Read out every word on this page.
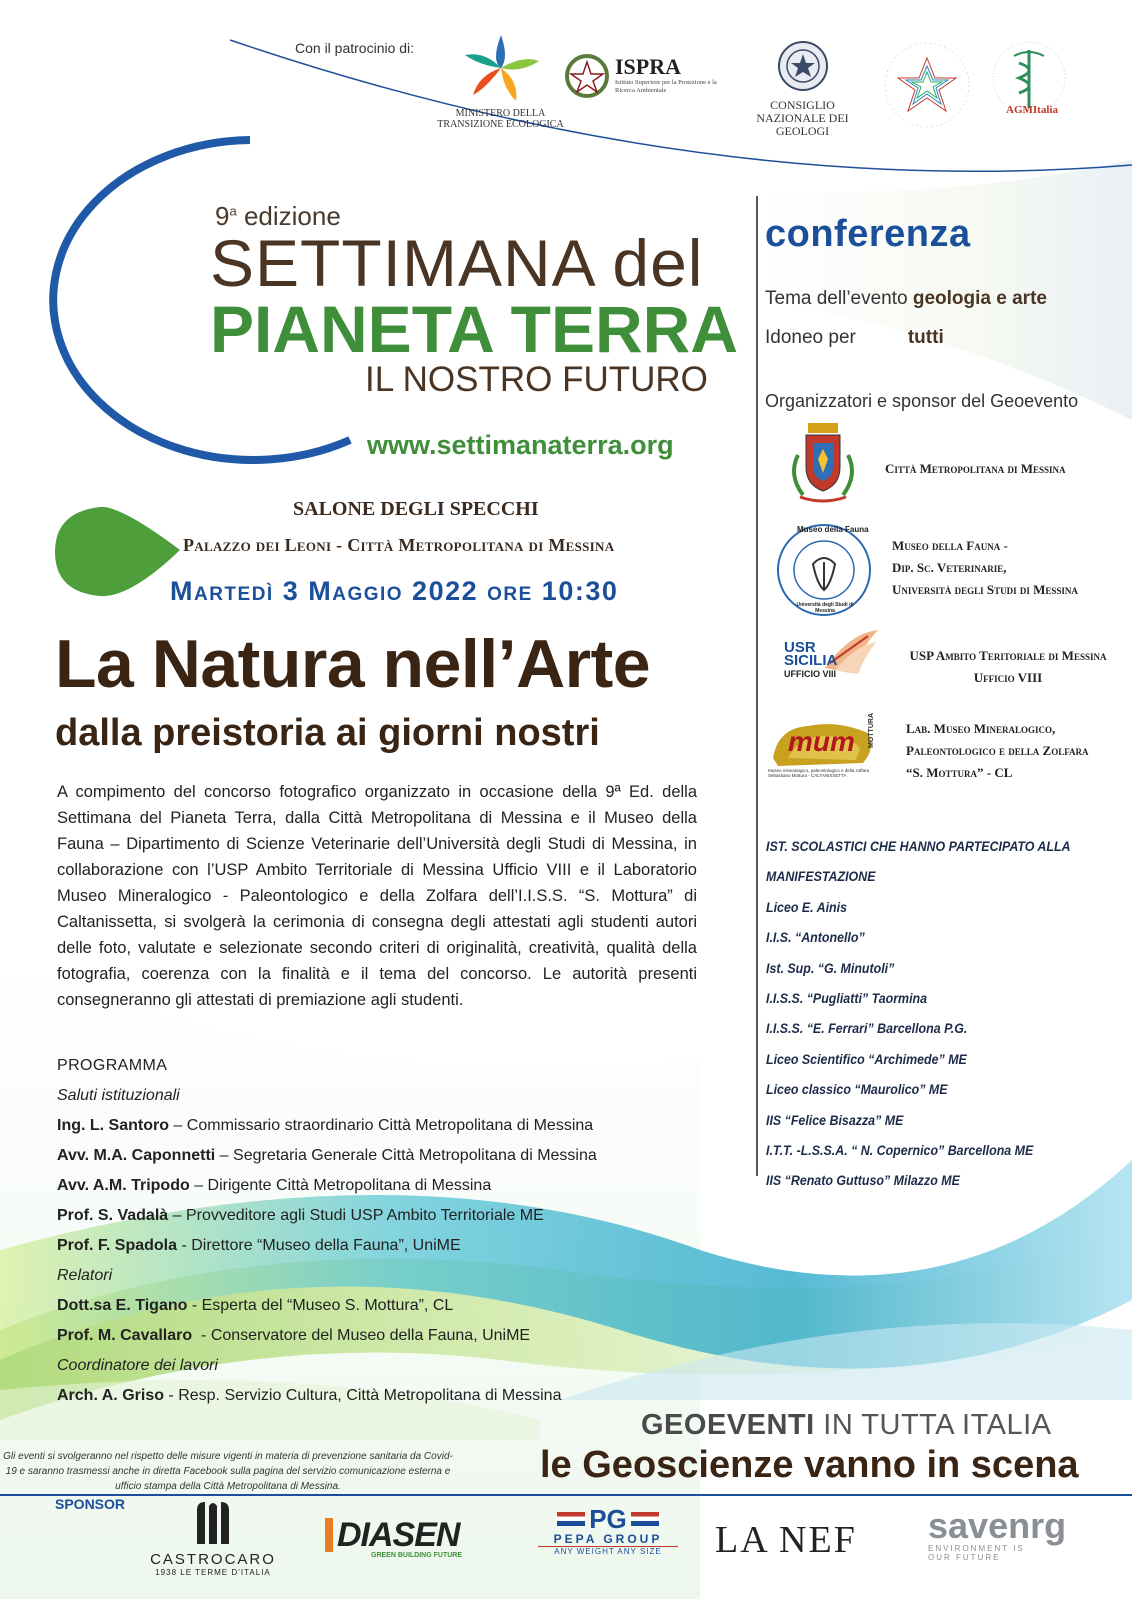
Con il patrocinio di:
MINISTERO DELLA TRANSIZIONE ECOLOGICA
ISPRA
Istituto Superiore per la Protezione e la Ricerca Ambientale
CONSIGLIO NAZIONALE DEI GEOLOGI
AGMItalia
9$^a$ edizione
SETTIMANA del
PIANETA TERRA
IL NOSTRO FUTURO
www.settimanaterra.org
SALONE DEGLI SPECCHI
Palazzo dei Leoni - Città Metropolitana di Messina
Martedì 3 Maggio 2022 ore 10:30
La Natura nell’Arte
dalla preistoria ai giorni nostri
A compimento del concorso fotografico organizzato in occasione della 9ª Ed. della Settimana del Pianeta Terra, dalla Città Metropolitana di Messina e il Museo della Fauna – Dipartimento di Scienze Veterinarie dell’Università degli Studi di Messina, in collaborazione con l’USP Ambito Territoriale di Messina Ufficio VIII e il Laboratorio Museo Mineralogico - Paleontologico e della Zolfara dell’I.I.S.S. “S. Mottura” di Caltanissetta, si svolgerà la cerimonia di consegna degli attestati agli studenti autori delle foto, valutate e selezionate secondo criteri di originalità, creatività, qualità della fotografia, coerenza con la finalità e il tema del concorso. Le autorità presenti consegneranno gli attestati di premiazione agli studenti.
PROGRAMMA
Saluti istituzionali
Ing. L. Santoro – Commissario straordinario Città Metropolitana di Messina
Avv. M.A. Caponnetti – Segretaria Generale Città Metropolitana di Messina
Avv. A.M. Tripodo – Dirigente Città Metropolitana di Messina
Prof. S. Vadalà – Provveditore agli Studi USP Ambito Territoriale ME
Prof. F. Spadola - Direttore “Museo della Fauna”, UniME
Relatori
Dott.sa E. Tigano - Esperta del “Museo S. Mottura”, CL
Prof. M. Cavallaro  - Conservatore del Museo della Fauna, UniME
Coordinatore dei lavori
Arch. A. Griso - Resp. Servizio Cultura, Città Metropolitana di Messina
conferenza
Tema dell’evento geologia e arte
Idoneo per	tutti
Organizzatori e sponsor del Geoevento
Città Metropolitana di Messina
Museo della Fauna
Università degli Studi di Messina
Museo della Fauna -
Dip. Sc. Veterinarie,
Università degli Studi di Messina
USR
SICILIA
UFFICIO VIII
USP Ambito Teritoriale di Messina
Ufficio VIII
mum MOTTURA
Museo mineralogico, paleontologico e della zolfara Sebastiano Mottura - CALTANISSETTA
Lab. Museo Mineralogico,
Paleontologico e della Zolfara
“S. Mottura” - CL
IST. SCOLASTICI CHE HANNO PARTECIPATO ALLA MANIFESTAZIONE
Liceo E. Ainis
I.I.S. “Antonello”
Ist. Sup. “G. Minutoli”
I.I.S.S. “Pugliatti” Taormina
I.I.S.S. “E. Ferrari” Barcellona P.G.
Liceo Scientifico “Archimede” ME
Liceo classico “Maurolico” ME
IIS “Felice Bisazza” ME
I.T.T. -L.S.S.A. “ N. Copernico” Barcellona ME
IIS “Renato Guttuso” Milazzo ME
GEOEVENTI IN TUTTA ITALIA
le Geoscienze vanno in scena
Gli eventi si svolgeranno nel rispetto delle misure vigenti in materia di prevenzione sanitaria da Covid-19 e saranno trasmessi anche in diretta Facebook sulla pagina del servizio comunicazione esterna e ufficio stampa della Città Metropolitana di Messina.
SPONSOR
CASTROCARO
1938 LE TERME D’ITALIA
DIASEN
GREEN BUILDING FUTURE
PG
PEPA GROUP
ANY WEIGHT ANY SIZE	LA NEF savenrg
ENVIRONMENT IS
OUR FUTURE
